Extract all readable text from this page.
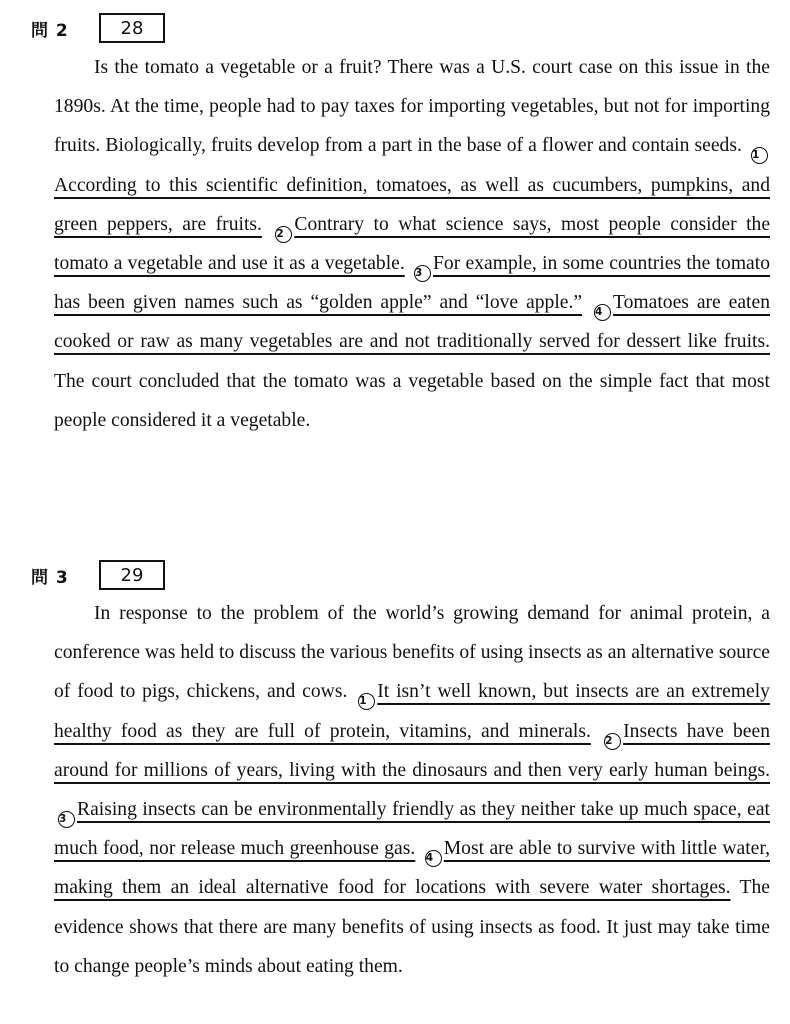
問 2	28

Is the tomato a vegetable or a fruit? There was a U.S. court case on this issue in the 1890s. At the time, people had to pay taxes for importing vegetables, but not for importing fruits. Biologically, fruits develop from a part in the base of a flower and contain seeds. 1According to this scientific definition, tomatoes, as well as cucumbers, pumpkins, and green peppers, are fruits. 2 Contrary to what science says, most people consider the tomato a vegetable and use it as a vegetable. 3 For example, in some countries the tomato has been given names such as “golden apple” and “love apple.” 4 Tomatoes are eaten cooked or raw as many vegetables are and not traditionally served for dessert like fruits. The court concluded that the tomato was a vegetable based on the simple fact that most people considered it a vegetable.

問 3	29

In response to the problem of the world’s growing demand for animal protein, a conference was held to discuss the various benefits of using insects as an alternative source of food to pigs, chickens, and cows. 1 It isn’t well known, but insects are an extremely healthy food as they are full of protein, vitamins, and minerals. 2 Insects have been around for millions of years, living with the dinosaurs and then very early human beings. 3 Raising insects can be environmentally friendly as they neither take up much space, eat much food, nor release much greenhouse gas. 4 Most are able to survive with little water, making them an ideal alternative food for locations with severe water shortages. The evidence shows that there are many benefits of using insects as food. It just may take time to change people’s minds about eating them.
